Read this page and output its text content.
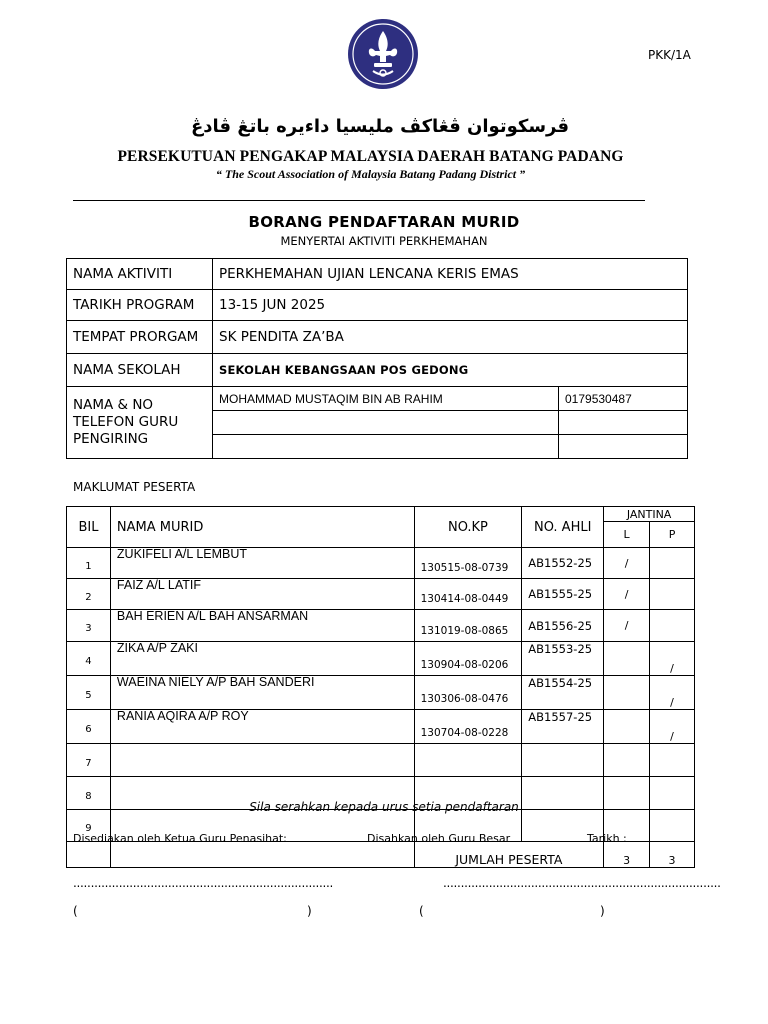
PKK/1A
ڤرسکوتوان ڤڠاکڤ مليسيا داءيره باتڠ ڤادڠ
PERSEKUTUAN PENGAKAP MALAYSIA DAERAH BATANG PADANG
“ The Scout Association of Malaysia Batang Padang District ”
BORANG PENDAFTARAN MURID
MENYERTAI AKTIVITI PERKHEMAHAN
NAMA AKTIVITI	PERKHEMAHAN UJIAN LENCANA KERIS EMAS	
TARIKH PROGRAM	13-15 JUN 2025	
TEMPAT PRORGAM	SK PENDITA ZA’BA	
NAMA SEKOLAH	SEKOLAH KEBANGSAAN POS GEDONG	
NAMA & NO TELEFON GURU PENGIRING	MOHAMMAD MUSTAQIM BIN AB RAHIM	0179530487

MAKLUMAT PESERTA
BIL	NAMA MURID	NO.KP	NO. AHLI	JANTINA	
				L	P
1	ZUKIFELI A/L LEMBUT	130515-08-0739	AB1552-25	/	
2	FAIZ A/L LATIF	130414-08-0449	AB1555-25	/	
3	BAH ERIEN A/L BAH ANSARMAN	131019-08-0865	AB1556-25	/	
4	ZIKA A/P ZAKI	130904-08-0206	AB1553-25		/
5	WAEINA NIELY A/P BAH SANDERI	130306-08-0476	AB1554-25		/
6	RANIA AQIRA A/P ROY	130704-08-0228	AB1557-25		/
7					
8					
9					
		JUMLAH PESERTA		3	3
Sila serahkan kepada urus setia pendaftaran
Disediakan oleh Ketua Guru Penasihat:	Disahkan oleh Guru Besar	Tarikh :
..........................................................................	...............................................................................
(	)	(	)
